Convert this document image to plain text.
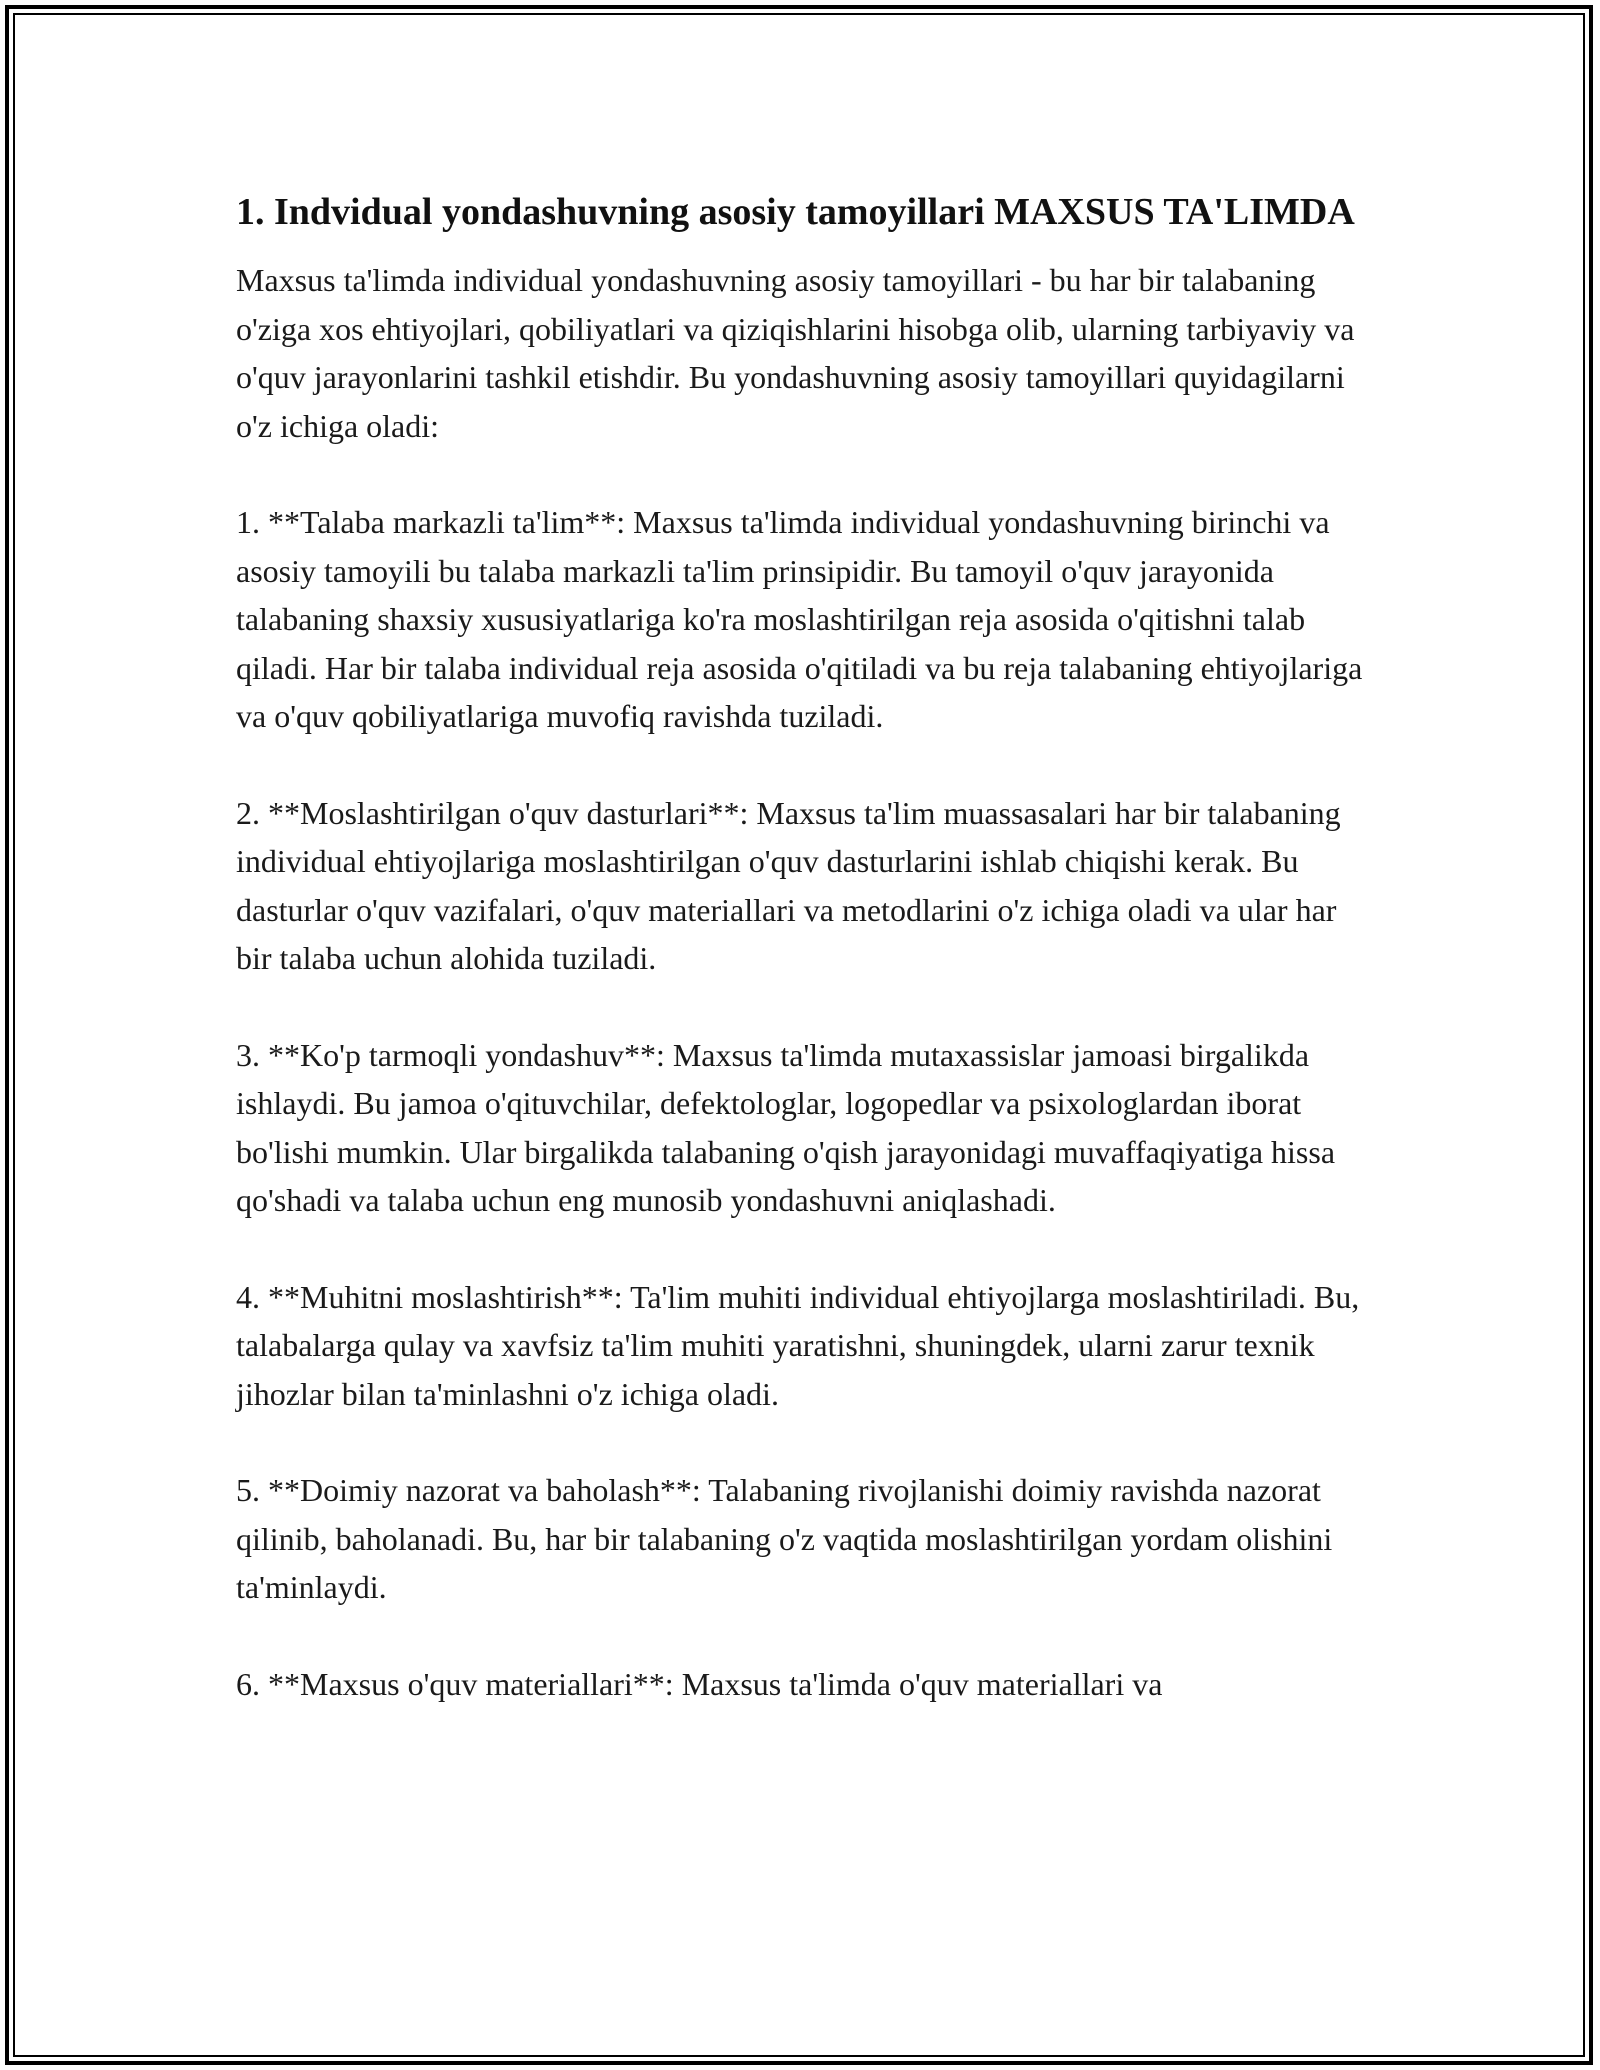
1. Indvidual yondashuvning asosiy tamoyillari MAXSUS TA'LIMDA

Maxsus ta'limda individual yondashuvning asosiy tamoyillari - bu har bir talabaning o'ziga xos ehtiyojlari, qobiliyatlari va qiziqishlarini hisobga olib, ularning tarbiyaviy va o'quv jarayonlarini tashkil etishdir. Bu yondashuvning asosiy tamoyillari quyidagilarni o'z ichiga oladi:

1. **Talaba markazli ta'lim**: Maxsus ta'limda individual yondashuvning birinchi va asosiy tamoyili bu talaba markazli ta'lim prinsipidir. Bu tamoyil o'quv jarayonida talabaning shaxsiy xususiyatlariga ko'ra moslashtirilgan reja asosida o'qitishni talab qiladi. Har bir talaba individual reja asosida o'qitiladi va bu reja talabaning ehtiyojlariga va o'quv qobiliyatlariga muvofiq ravishda tuziladi.

2. **Moslashtirilgan o'quv dasturlari**: Maxsus ta'lim muassasalari har bir talabaning individual ehtiyojlariga moslashtirilgan o'quv dasturlarini ishlab chiqishi kerak. Bu dasturlar o'quv vazifalari, o'quv materiallari va metodlarini o'z ichiga oladi va ular har bir talaba uchun alohida tuziladi.

3. **Ko'p tarmoqli yondashuv**: Maxsus ta'limda mutaxassislar jamoasi birgalikda ishlaydi. Bu jamoa o'qituvchilar, defektologlar, logopedlar va psixologlardan iborat bo'lishi mumkin. Ular birgalikda talabaning o'qish jarayonidagi muvaffaqiyatiga hissa qo'shadi va talaba uchun eng munosib yondashuvni aniqlashadi.

4. **Muhitni moslashtirish**: Ta'lim muhiti individual ehtiyojlarga moslashtiriladi. Bu, talabalarga qulay va xavfsiz ta'lim muhiti yaratishni, shuningdek, ularni zarur texnik jihozlar bilan ta'minlashni o'z ichiga oladi.

5. **Doimiy nazorat va baholash**: Talabaning rivojlanishi doimiy ravishda nazorat qilinib, baholanadi. Bu, har bir talabaning o'z vaqtida moslashtirilgan yordam olishini ta'minlaydi.

6. **Maxsus o'quv materiallari**: Maxsus ta'limda o'quv materiallari va
